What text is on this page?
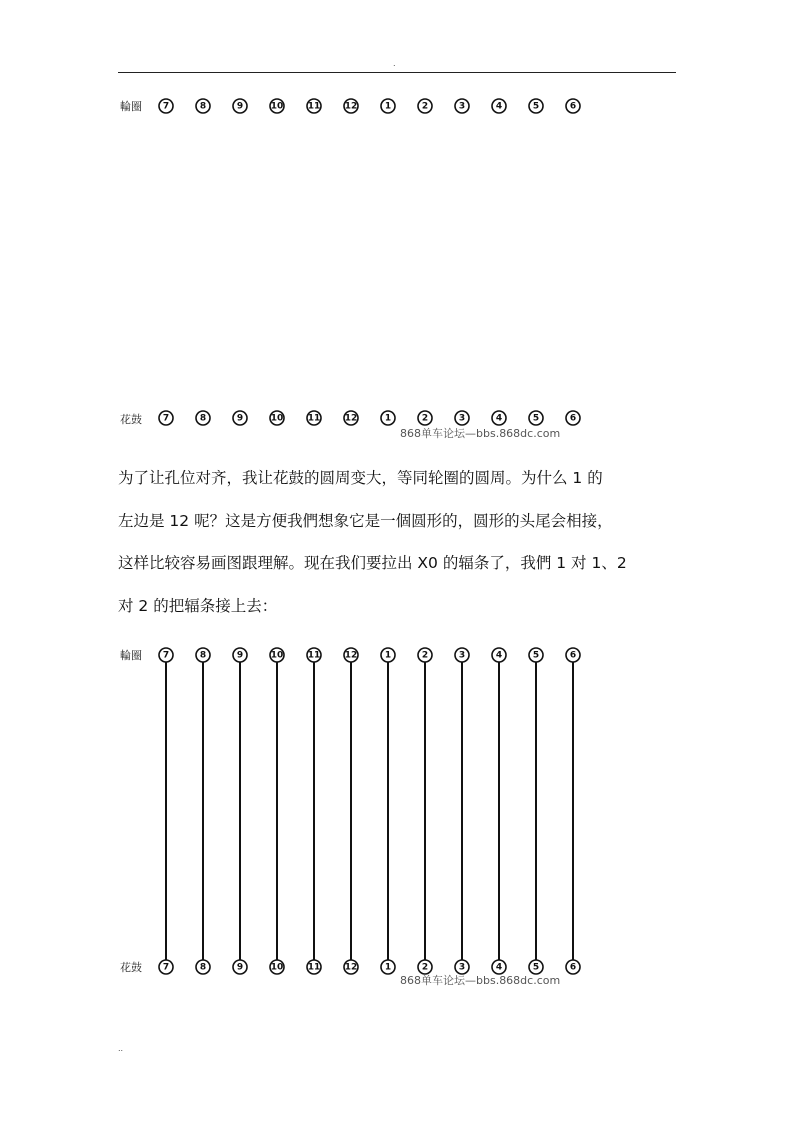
.
輪圈 7	8	9	10	11	12	1	2	3	4	5	6
花鼓 7	8	9	10	11	12	1	2	3	4	5	6
868单车论坛—bbs.868dc.com

为了让孔位对齐，我让花鼓的圆周变大，等同轮圈的圆周。为什么 1 的
左边是 12 呢？这是方便我們想象它是一個圆形的，圆形的头尾会相接，
这样比较容易画图跟理解。现在我们要拉出 X0 的辐条了，我們 1 对 1、2
对 2 的把辐条接上去：

輪圈 7	8	9	10	11	12	1	2	3	4	5	6
花鼓 7	8	9	10	11	12	1	2	3	4	5	6
868单车论坛—bbs.868dc.com
..
